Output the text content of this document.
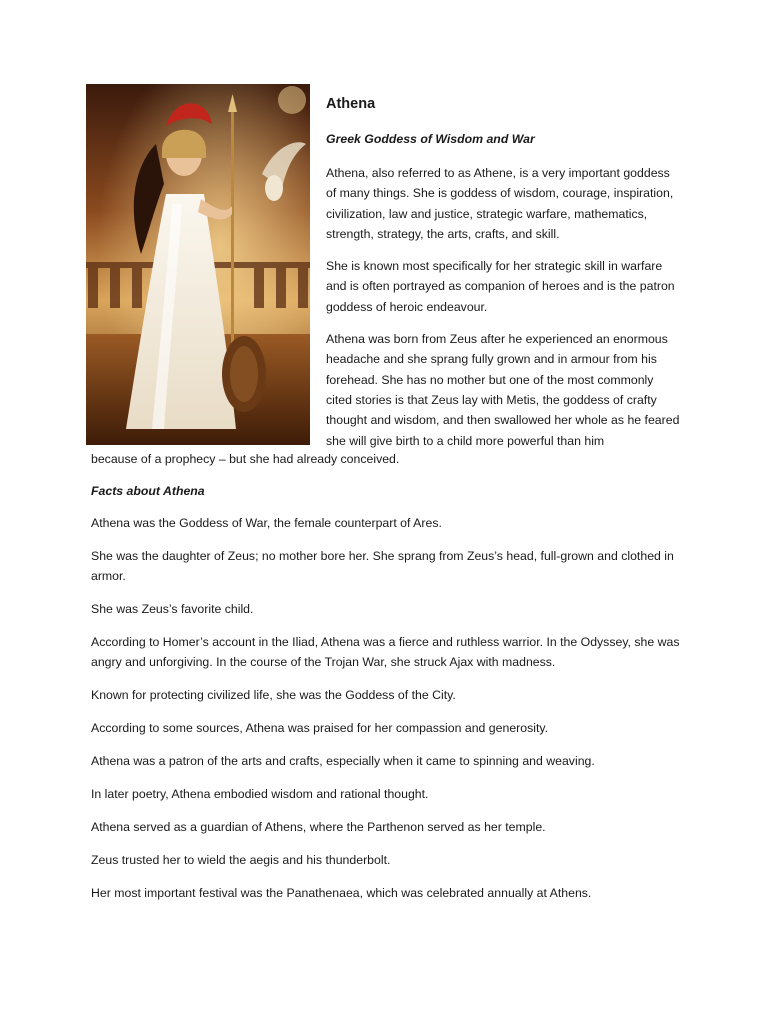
Athena
Greek Goddess of Wisdom and War

Athena, also referred to as Athene, is a very important goddess of many things. She is goddess of wisdom, courage, inspiration, civilization, law and justice, strategic warfare, mathematics, strength, strategy, the arts, crafts, and skill.

She is known most specifically for her strategic skill in warfare and is often portrayed as companion of heroes and is the patron goddess of heroic endeavour.

Athena was born from Zeus after he experienced an enormous headache and she sprang fully grown and in armour from his forehead. She has no mother but one of the most commonly cited stories is that Zeus lay with Metis, the goddess of crafty thought and wisdom, and then swallowed her whole as he feared she will give birth to a child more powerful than him

because of a prophecy – but she had already conceived.

Facts about Athena

Athena was the Goddess of War, the female counterpart of Ares.

She was the daughter of Zeus; no mother bore her. She sprang from Zeus’s head, full-grown and clothed in armor.

She was Zeus’s favorite child.

According to Homer’s account in the Iliad, Athena was a fierce and ruthless warrior. In the Odyssey, she was angry and unforgiving. In the course of the Trojan War, she struck Ajax with madness.

Known for protecting civilized life, she was the Goddess of the City.

According to some sources, Athena was praised for her compassion and generosity.

Athena was a patron of the arts and crafts, especially when it came to spinning and weaving.

In later poetry, Athena embodied wisdom and rational thought.

Athena served as a guardian of Athens, where the Parthenon served as her temple.

Zeus trusted her to wield the aegis and his thunderbolt.

Her most important festival was the Panathenaea, which was celebrated annually at Athens.
